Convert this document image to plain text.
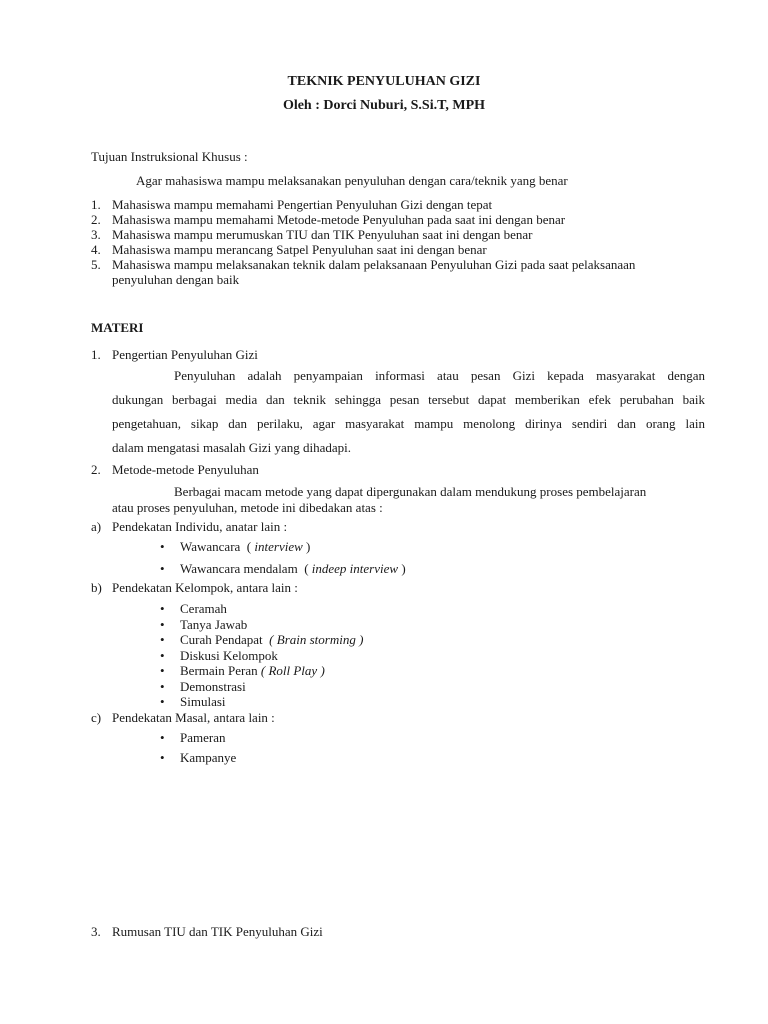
TEKNIK PENYULUHAN GIZI
Oleh : Dorci Nuburi, S.Si.T, MPH
Tujuan Instruksional Khusus :
Agar mahasiswa mampu melaksanakan penyuluhan dengan cara/teknik yang benar
1. Mahasiswa mampu memahami Pengertian Penyuluhan Gizi dengan tepat
2. Mahasiswa mampu memahami Metode-metode Penyuluhan pada saat ini dengan benar
3. Mahasiswa mampu merumuskan TIU dan TIK Penyuluhan saat ini dengan benar
4. Mahasiswa mampu merancang Satpel Penyuluhan saat ini dengan benar
5. Mahasiswa mampu melaksanakan teknik dalam pelaksanaan Penyuluhan Gizi pada saat pelaksanaan
penyuluhan dengan baik
MATERI
1. Pengertian Penyuluhan Gizi
Penyuluhan adalah penyampaian informasi atau pesan Gizi kepada masyarakat dengan
dukungan berbagai media dan teknik sehingga pesan tersebut dapat memberikan efek perubahan baik
pengetahuan, sikap dan perilaku, agar masyarakat mampu menolong dirinya sendiri dan orang lain
dalam mengatasi masalah Gizi yang dihadapi.
2. Metode-metode Penyuluhan
Berbagai macam metode yang dapat dipergunakan dalam mendukung proses pembelajaran
atau proses penyuluhan, metode ini dibedakan atas :
a) Pendekatan Individu, anatar lain :
• Wawancara  ( interview )
• Wawancara mendalam  ( indeep interview )
b) Pendekatan Kelompok, antara lain :
• Ceramah
• Tanya Jawab
• Curah Pendapat  ( Brain storming )
• Diskusi Kelompok
• Bermain Peran ( Roll Play )
• Demonstrasi
• Simulasi
c) Pendekatan Masal, antara lain :
• Pameran
• Kampanye
3. Rumusan TIU dan TIK Penyuluhan Gizi
